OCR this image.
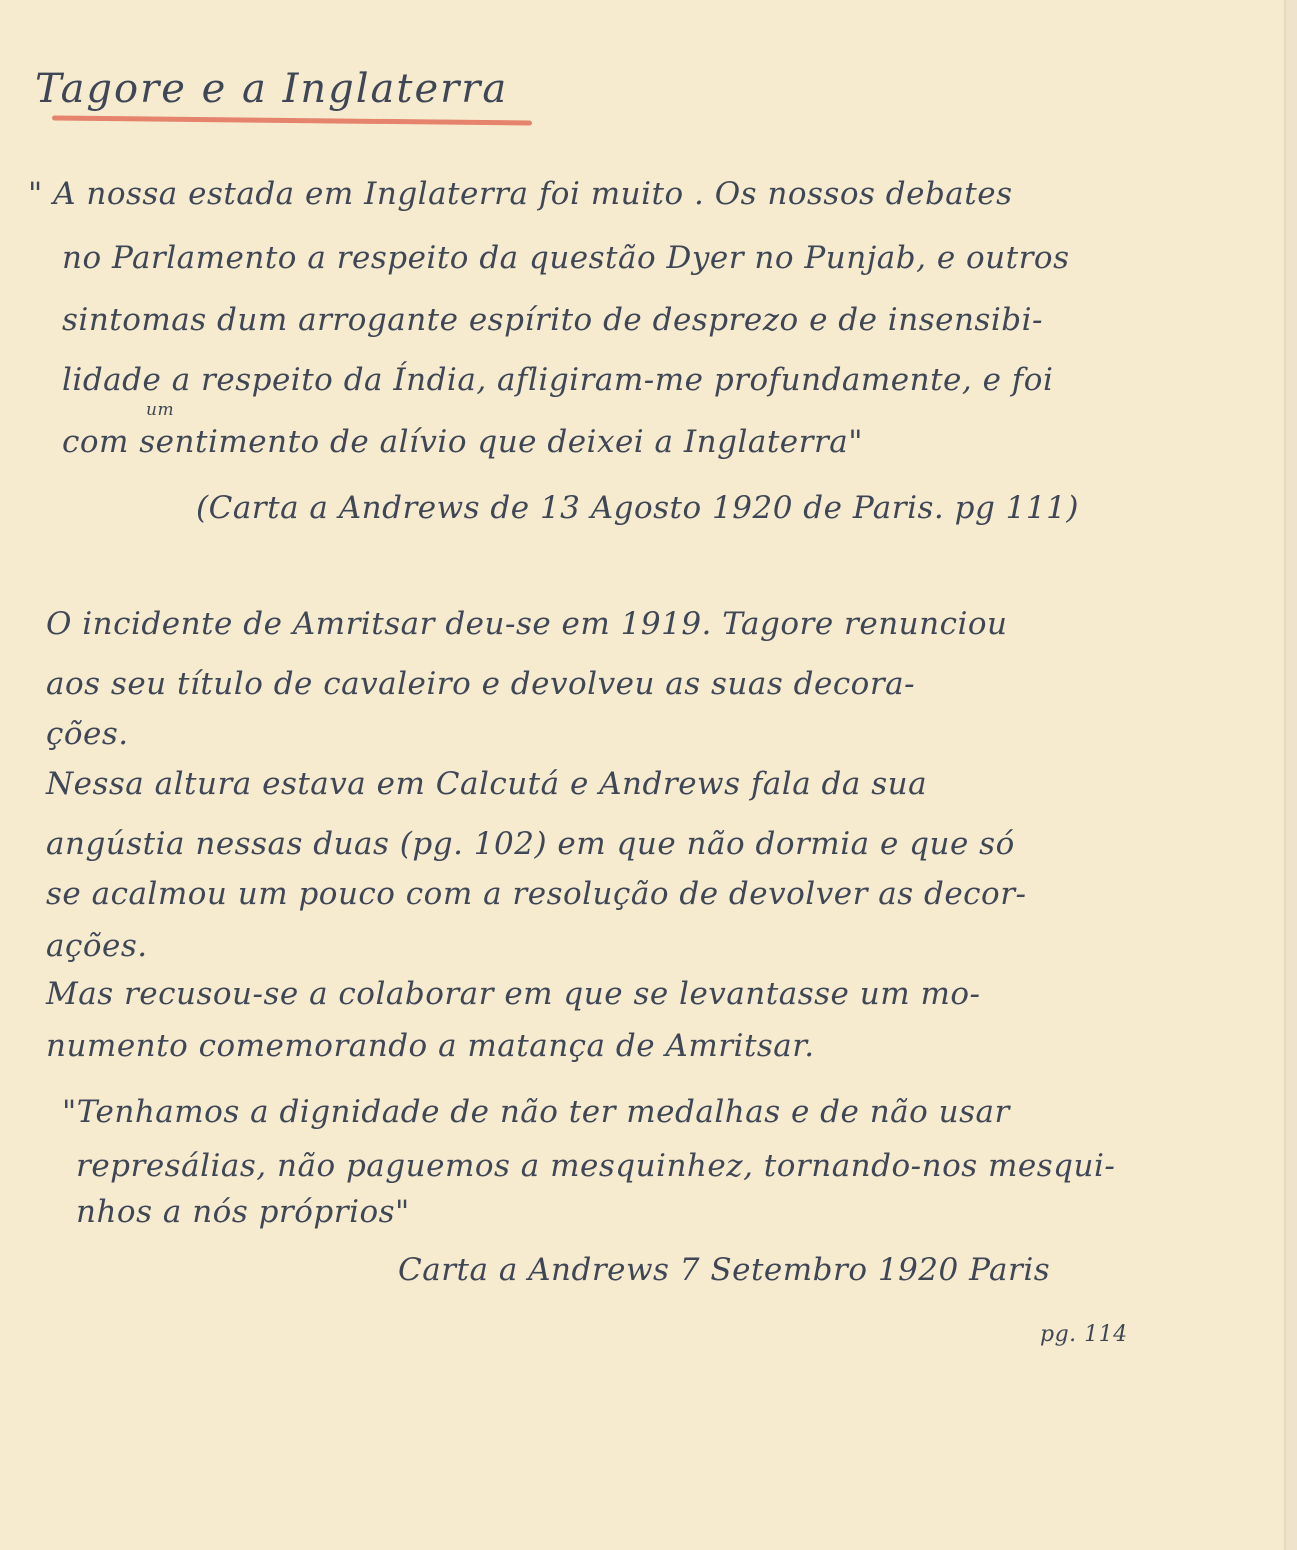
Tagore e a Inglaterra
" A nossa estada em Inglaterra foi muito . Os nossos debates
no Parlamento a respeito da questão Dyer no Punjab, e outros
sintomas dum arrogante espírito de desprezo e de insensibi-
lidade a respeito da Índia, afligiram-me profundamente, e foi
um
com sentimento de alívio que deixei a Inglaterra"
(Carta a Andrews de 13 Agosto 1920 de Paris. pg 111)
O incidente de Amritsar deu-se em 1919. Tagore renunciou
aos seu título de cavaleiro e devolveu as suas decora-
ções.
Nessa altura estava em Calcutá e Andrews fala da sua
angústia nessas duas (pg. 102) em que não dormia e que só
se acalmou um pouco com a resolução de devolver as decor-
ações.
Mas recusou-se a colaborar em que se levantasse um mo-
numento comemorando a matança de Amritsar.
"Tenhamos a dignidade de não ter medalhas e de não usar
represálias, não paguemos a mesquinhez, tornando-nos mesqui-
nhos a nós próprios"
Carta a Andrews 7 Setembro 1920 Paris
pg. 114
